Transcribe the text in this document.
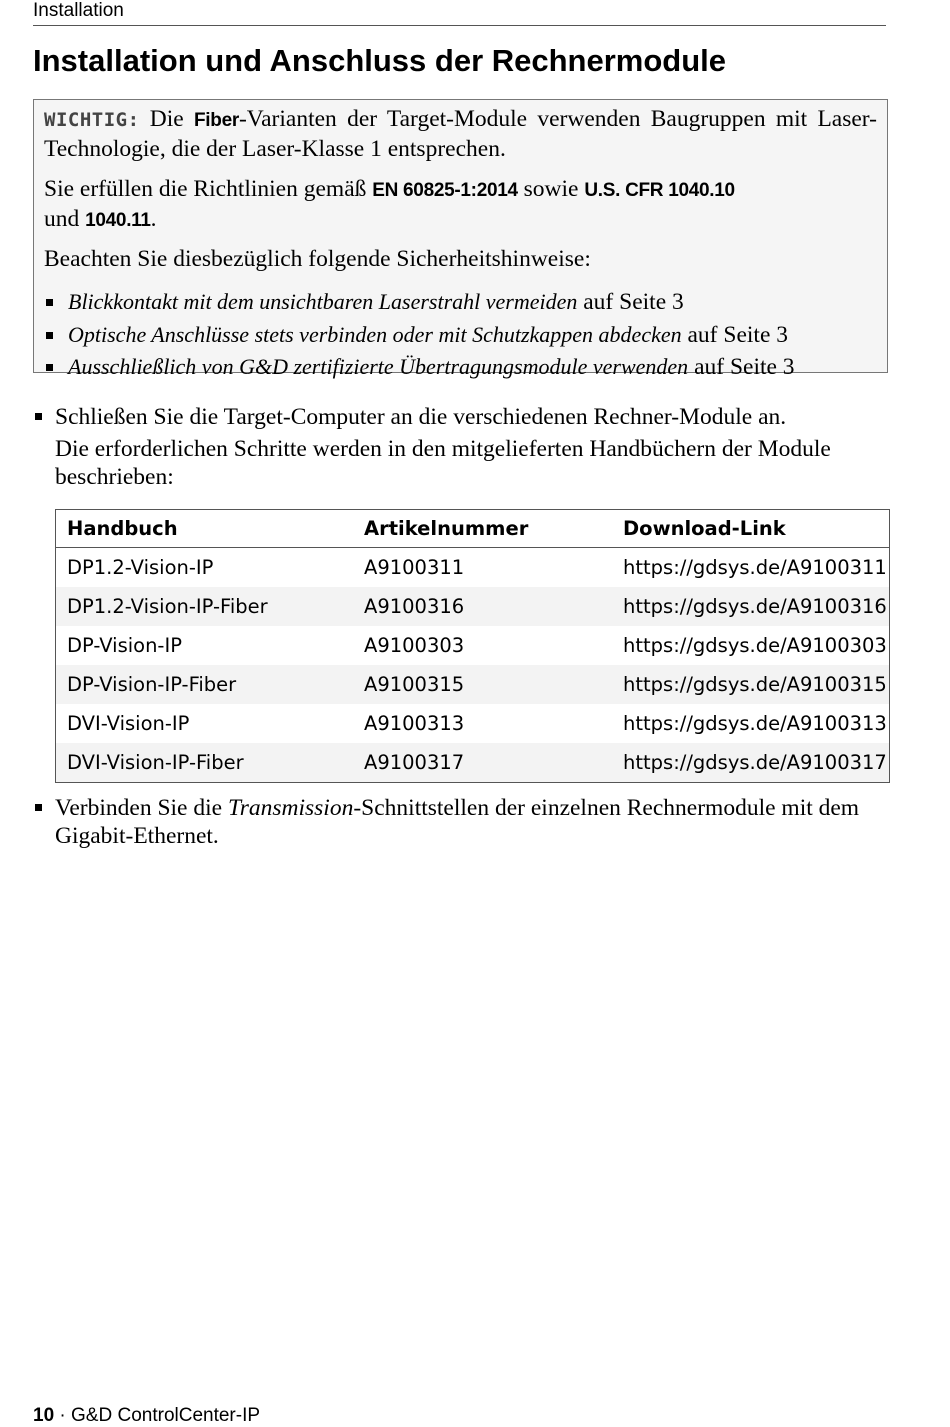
Installation
Installation und Anschluss der Rechnermodule

WICHTIG: Die Fiber-Varianten der Target-Module verwenden Baugruppen mit Laser-Technologie, die der Laser-Klasse 1 entsprechen.

Sie erfüllen die Richtlinien gemäß EN 60825-1:2014 sowie U.S. CFR 1040.10
und 1040.11.

Beachten Sie diesbezüglich folgende Sicherheitshinweise:

Blickkontakt mit dem unsichtbaren Laserstrahl vermeiden auf Seite 3
Optische Anschlüsse stets verbinden oder mit Schutzkappen abdecken auf Seite 3
Ausschließlich von G&D zertifizierte Übertragungsmodule verwenden auf Seite 3
Schließen Sie die Target-Computer an die verschiedenen Rechner-Module an.
Die erforderlichen Schritte werden in den mitgelieferten Handbüchern der Module beschrieben:
Handbuch	Artikelnummer	Download-Link
DP1.2-Vision-IP	A9100311	https://gdsys.de/A9100311
DP1.2-Vision-IP-Fiber	A9100316	https://gdsys.de/A9100316
DP-Vision-IP	A9100303	https://gdsys.de/A9100303
DP-Vision-IP-Fiber	A9100315	https://gdsys.de/A9100315
DVI-Vision-IP	A9100313	https://gdsys.de/A9100313
DVI-Vision-IP-Fiber	A9100317	https://gdsys.de/A9100317
Verbinden Sie die Transmission-Schnittstellen der einzelnen Rechnermodule mit dem Gigabit-Ethernet.
10 · G&D ControlCenter-IP
